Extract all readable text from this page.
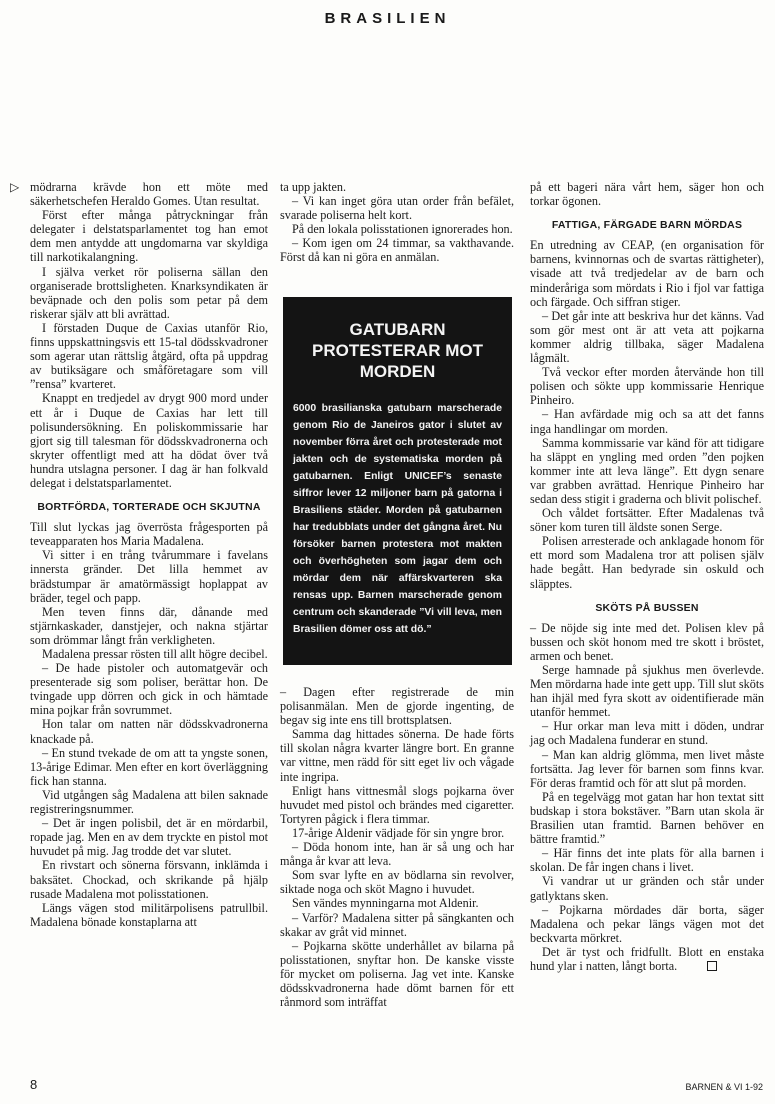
BRASILIEN
▷ mödrarna krävde hon ett möte med säkerhetschefen Heraldo Gomes. Utan resultat.

Först efter många påtryckningar från delegater i delstatsparlamentet tog han emot dem men antydde att ungdomarna var skyldiga till narkotikalangning.

I själva verket rör poliserna sällan den organiserade brottsligheten. Knarksyndikaten är beväpnade och den polis som petar på dem riskerar själv att bli avrättad.

I förstaden Duque de Caxias utanför Rio, finns uppskattningsvis ett 15-tal dödsskvadroner som agerar utan rättslig åtgärd, ofta på uppdrag av butiksägare och småföretagare som vill ”rensa” kvarteret.

Knappt en tredjedel av drygt 900 mord under ett år i Duque de Caxias har lett till polisundersökning. En poliskommissarie har gjort sig till talesman för dödsskvadronerna och skryter offentligt med att ha dödat över två hundra utslagna personer. I dag är han folkvald delegat i delstatsparlamentet.

BORTFÖRDA, TORTERADE OCH SKJUTNA

Till slut lyckas jag överrösta frågesporten på teveapparaten hos Maria Madalena.

Vi sitter i en trång tvårummare i favelans innersta gränder. Det lilla hemmet av brädstumpar är amatörmässigt hoplappat av bräder, tegel och papp.

Men teven finns där, dånande med stjärnkaskader, danstjejer, och nakna stjärtar som drömmar långt från verkligheten.

Madalena pressar rösten till allt högre decibel.

– De hade pistoler och automatgevär och presenterade sig som poliser, berättar hon. De tvingade upp dörren och gick in och hämtade mina pojkar från sovrummet.

Hon talar om natten när dödsskvadronerna knackade på.

– En stund tvekade de om att ta yngste sonen, 13-årige Edimar. Men efter en kort överläggning fick han stanna.

Vid utgången såg Madalena att bilen saknade registreringsnummer.

– Det är ingen polisbil, det är en mördarbil, ropade jag. Men en av dem tryckte en pistol mot huvudet på mig. Jag trodde det var slutet.

En rivstart och sönerna försvann, inklämda i baksätet. Chockad, och skrikande på hjälp rusade Madalena mot polisstationen.

Längs vägen stod militärpolisens patrullbil. Madalena bönade konstaplarna att

ta upp jakten.

– Vi kan inget göra utan order från befälet, svarade poliserna helt kort.

På den lokala polisstationen ignorerades hon.

– Kom igen om 24 timmar, sa vakthavande. Först då kan ni göra en anmälan.

– Dagen efter registrerade de min polisanmälan. Men de gjorde ingenting, de begav sig inte ens till brottsplatsen.

Samma dag hittades sönerna. De hade förts till skolan några kvarter längre bort. En granne var vittne, men rädd för sitt eget liv och vågade inte ingripa.

Enligt hans vittnesmål slogs pojkarna över huvudet med pistol och brändes med cigaretter. Tortyren pågick i flera timmar.

17-årige Aldenir vädjade för sin yngre bror.

– Döda honom inte, han är så ung och har många år kvar att leva.

Som svar lyfte en av bödlarna sin revolver, siktade noga och sköt Magno i huvudet.

Sen vändes mynningarna mot Aldenir.

– Varför? Madalena sitter på sängkanten och skakar av gråt vid minnet.

– Pojkarna skötte underhållet av bilarna på polisstationen, snyftar hon. De kanske visste för mycket om poliserna. Jag vet inte. Kanske dödsskvadronerna hade dömt barnen för ett rånmord som inträffat

GATUBARN PROTESTERAR MOT MORDEN
6000 brasilianska gatubarn marscherade genom Rio de Janeiros gator i slutet av november förra året och protesterade mot jakten och de systematiska morden på gatubarnen. Enligt UNICEF’s senaste siffror lever 12 miljoner barn på gatorna i Brasiliens städer. Morden på gatubarnen har tredubblats under det gångna året. Nu försöker barnen protestera mot makten och överhögheten som jagar dem och mördar dem när affärskvarteren ska rensas upp. Barnen marscherade genom centrum och skanderade ”Vi vill leva, men Brasilien dömer oss att dö.”

på ett bageri nära vårt hem, säger hon och torkar ögonen.

FATTIGA, FÄRGADE BARN MÖRDAS

En utredning av CEAP, (en organisation för barnens, kvinnornas och de svartas rättigheter), visade att två tredjedelar av de barn och minderåriga som mördats i Rio i fjol var fattiga och färgade. Och siffran stiger.

– Det går inte att beskriva hur det känns. Vad som gör mest ont är att veta att pojkarna kommer aldrig tillbaka, säger Madalena lågmält.

Två veckor efter morden återvände hon till polisen och sökte upp kommissarie Henrique Pinheiro.

– Han avfärdade mig och sa att det fanns inga handlingar om morden.

Samma kommissarie var känd för att tidigare ha släppt en yngling med orden ”den pojken kommer inte att leva länge”. Ett dygn senare var grabben avrättad. Henrique Pinheiro har sedan dess stigit i graderna och blivit polischef.

Och våldet fortsätter. Efter Madalenas två söner kom turen till äldste sonen Serge.

Polisen arresterade och anklagade honom för ett mord som Madalena tror att polisen själv hade begått. Han bedyrade sin oskuld och släpptes.

SKÖTS PÅ BUSSEN

– De nöjde sig inte med det. Polisen klev på bussen och sköt honom med tre skott i bröstet, armen och benet.

Serge hamnade på sjukhus men överlevde. Men mördarna hade inte gett upp. Till slut sköts han ihjäl med fyra skott av oidentifierade män utanför hemmet.

– Hur orkar man leva mitt i döden, undrar jag och Madalena funderar en stund.

– Man kan aldrig glömma, men livet måste fortsätta. Jag lever för barnen som finns kvar. För deras framtid och för att slut på morden.

På en tegelvägg mot gatan har hon textat sitt budskap i stora bokstäver. ”Barn utan skola är Brasilien utan framtid. Barnen behöver en bättre framtid.”

– Här finns det inte plats för alla barnen i skolan. De får ingen chans i livet.

Vi vandrar ut ur gränden och står under gatlyktans sken.

– Pojkarna mördades där borta, säger Madalena och pekar längs vägen mot det beckvarta mörkret.

Det är tyst och fridfullt. Blott en enstaka hund ylar i natten, långt borta.

8	BARNEN & VI 1-92
